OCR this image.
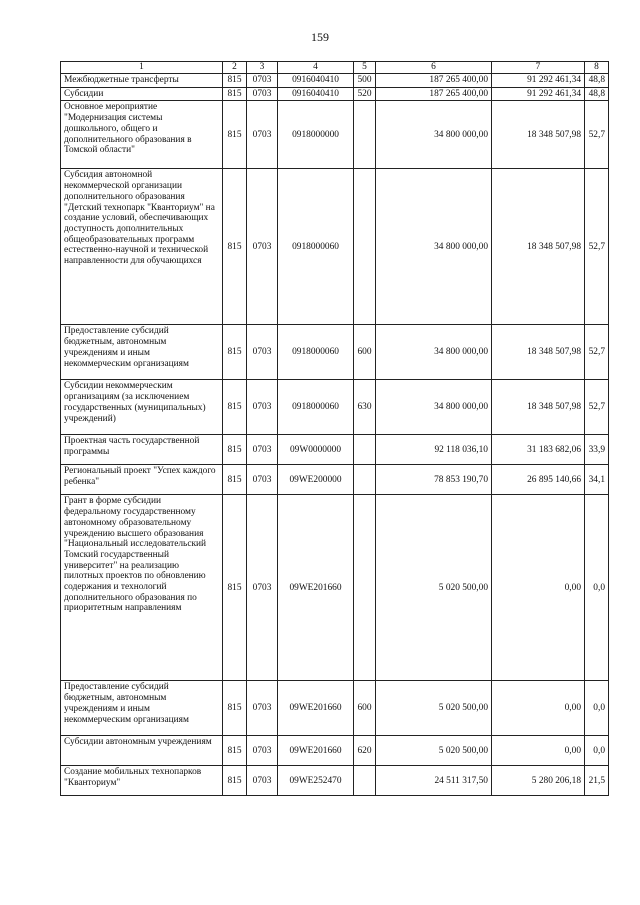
159
1	2	3	4	5	6	7	8
Межбюджетные трансферты	815	0703	0916040410	500	187 265 400,00	91 292 461,34	48,8
Субсидии	815	0703	0916040410	520	187 265 400,00	91 292 461,34	48,8
Основное мероприятие "Модернизация системы дошкольного, общего и дополнительного образования в Томской области"	815	0703	0918000000		34 800 000,00	18 348 507,98	52,7
Субсидия автономной некоммерческой организации дополнительного образования "Детский технопарк "Кванториум" на создание условий, обеспечивающих доступность дополнительных общеобразовательных программ естественно-научной и технической направленности для обучающихся	815	0703	0918000060		34 800 000,00	18 348 507,98	52,7
Предоставление субсидий бюджетным, автономным учреждениям и иным некоммерческим организациям	815	0703	0918000060	600	34 800 000,00	18 348 507,98	52,7
Субсидии некоммерческим организациям (за исключением государственных (муниципальных) учреждений)	815	0703	0918000060	630	34 800 000,00	18 348 507,98	52,7
Проектная часть государственной программы	815	0703	09W0000000		92 118 036,10	31 183 682,06	33,9
Региональный проект "Успех каждого ребенка"	815	0703	09WE200000		78 853 190,70	26 895 140,66	34,1
Грант в форме субсидии федеральному государственному автономному образовательному учреждению высшего образования "Национальный исследовательский Томский государственный университет" на реализацию пилотных проектов по обновлению содержания и технологий дополнительного образования по приоритетным направлениям	815	0703	09WE201660		5 020 500,00	0,00	0,0
Предоставление субсидий бюджетным, автономным учреждениям и иным некоммерческим организациям	815	0703	09WE201660	600	5 020 500,00	0,00	0,0
Субсидии автономным учреждениям	815	0703	09WE201660	620	5 020 500,00	0,00	0,0
Создание мобильных технопарков "Кванториум"	815	0703	09WE252470		24 511 317,50	5 280 206,18	21,5
